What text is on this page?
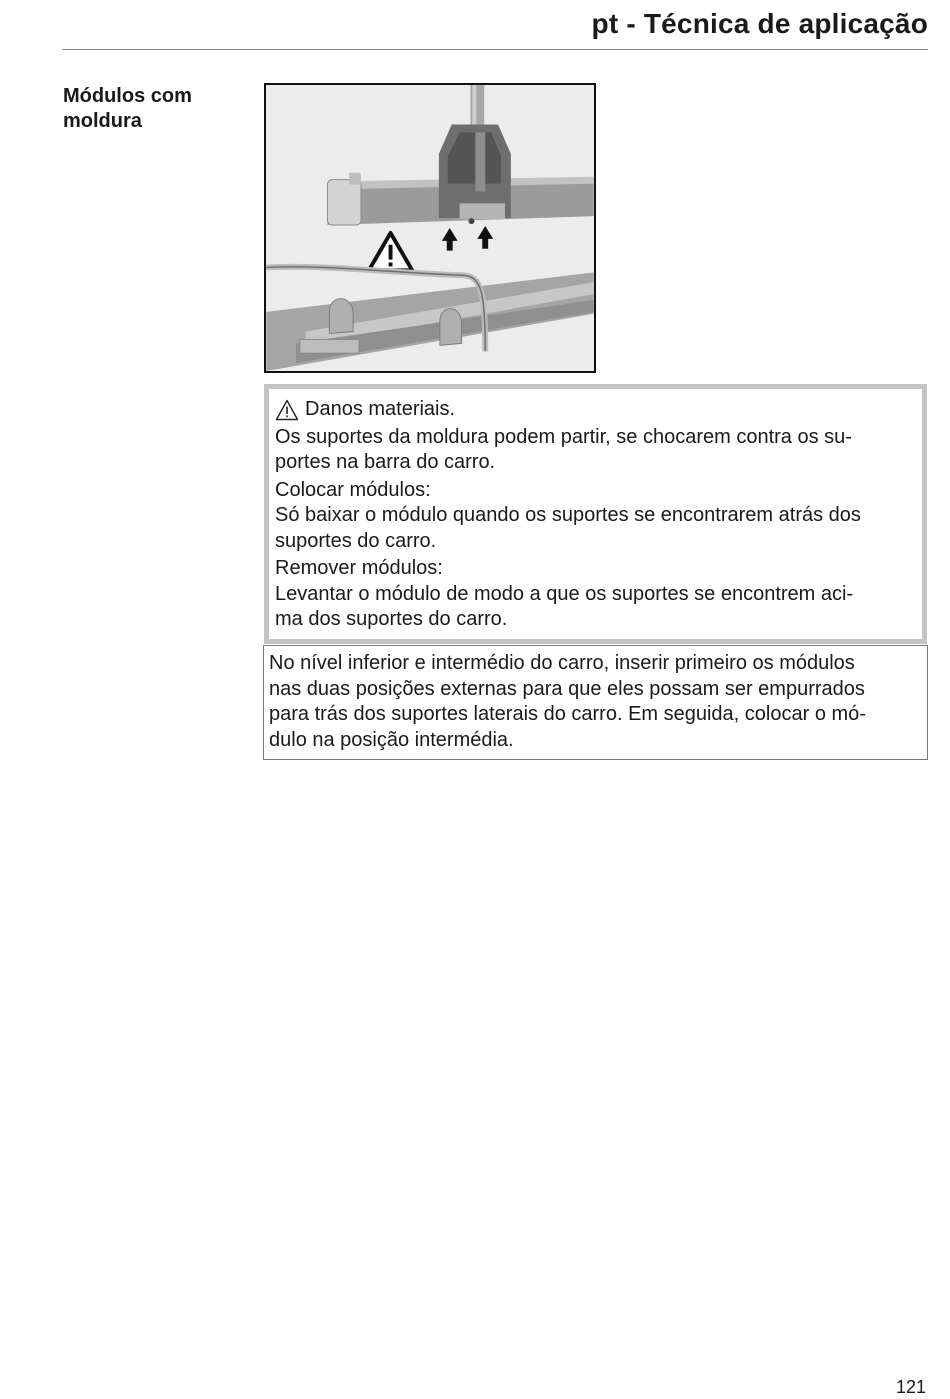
pt - Técnica de aplicação
Módulos com
moldura

Danos materiais.

Os suportes da moldura podem partir, se chocarem contra os su-
portes na barra do carro.

Colocar módulos:
Só baixar o módulo quando os suportes se encontrarem atrás dos
suportes do carro.

Remover módulos:
Levantar o módulo de modo a que os suportes se encontrem aci-
ma dos suportes do carro.

No nível inferior e intermédio do carro, inserir primeiro os módulos
nas duas posições externas para que eles possam ser empurrados
para trás dos suportes laterais do carro. Em seguida, colocar o mó-
dulo na posição intermédia.

121
